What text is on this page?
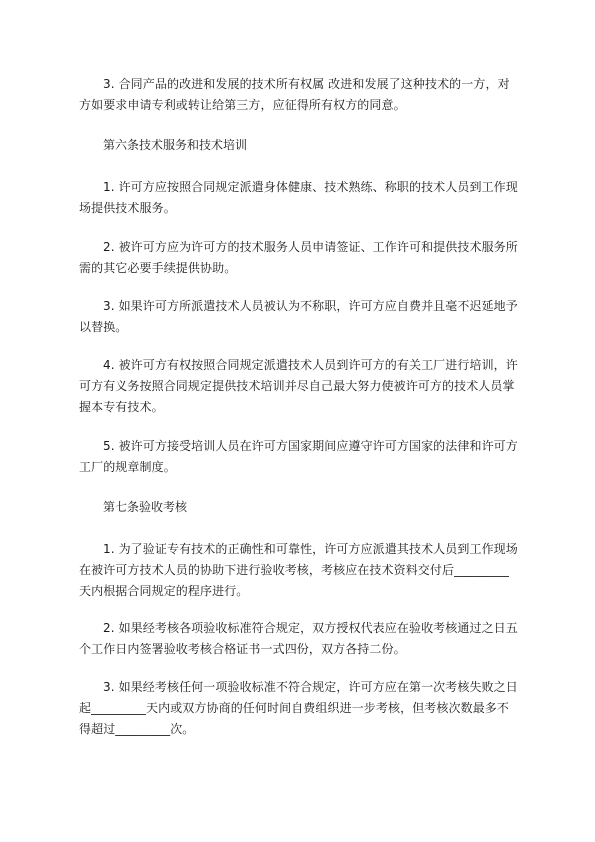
3. 合同产品的改进和发展的技术所有权属 改进和发展了这种技术的一方，对方如要求申请专利或转让给第三方，应征得所有权方的同意。
第六条技术服务和技术培训
1. 许可方应按照合同规定派遣身体健康、技术熟练、称职的技术人员到工作现场提供技术服务。
2. 被许可方应为许可方的技术服务人员申请签证、工作许可和提供技术服务所需的其它必要手续提供协助。
3. 如果许可方所派遣技术人员被认为不称职，许可方应自费并且毫不迟延地予以替换。
4. 被许可方有权按照合同规定派遣技术人员到许可方的有关工厂进行培训，许可方有义务按照合同规定提供技术培训并尽自己最大努力使被许可方的技术人员掌握本专有技术。
5. 被许可方接受培训人员在许可方国家期间应遵守许可方国家的法律和许可方工厂的规章制度。
第七条验收考核
1. 为了验证专有技术的正确性和可靠性，许可方应派遣其技术人员到工作现场在被许可方技术人员的协助下进行验收考核，考核应在技术资料交付后_________天内根据合同规定的程序进行。
2. 如果经考核各项验收标准符合规定，双方授权代表应在验收考核通过之日五个工作日内签署验收考核合格证书一式四份，双方各持二份。
3. 如果经考核任何一项验收标准不符合规定，许可方应在第一次考核失败之日起_________天内或双方协商的任何时间自费组织进一步考核，但考核次数最多不得超过_________次。
